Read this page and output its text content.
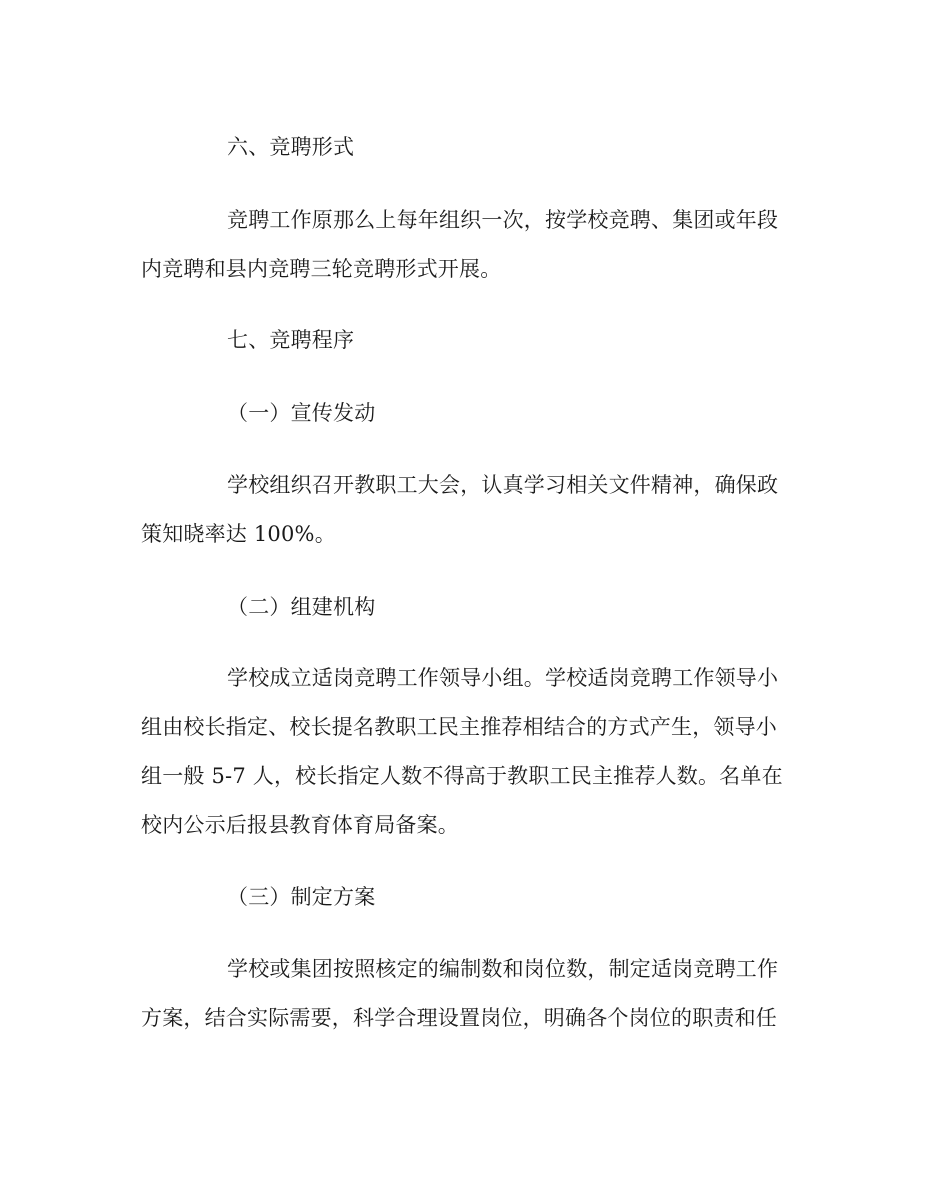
六、竞聘形式
竞聘工作原那么上每年组织一次，按学校竞聘、集团或年段
内竞聘和县内竞聘三轮竞聘形式开展。
七、竞聘程序
（一）宣传发动
学校组织召开教职工大会，认真学习相关文件精神，确保政
策知晓率达 100%。
（二）组建机构
学校成立适岗竞聘工作领导小组。学校适岗竞聘工作领导小
组由校长指定、校长提名教职工民主推荐相结合的方式产生，领导小
组一般 5-7 人，校长指定人数不得高于教职工民主推荐人数。名单在
校内公示后报县教育体育局备案。
（三）制定方案
学校或集团按照核定的编制数和岗位数，制定适岗竞聘工作
方案，结合实际需要，科学合理设置岗位，明确各个岗位的职责和任
